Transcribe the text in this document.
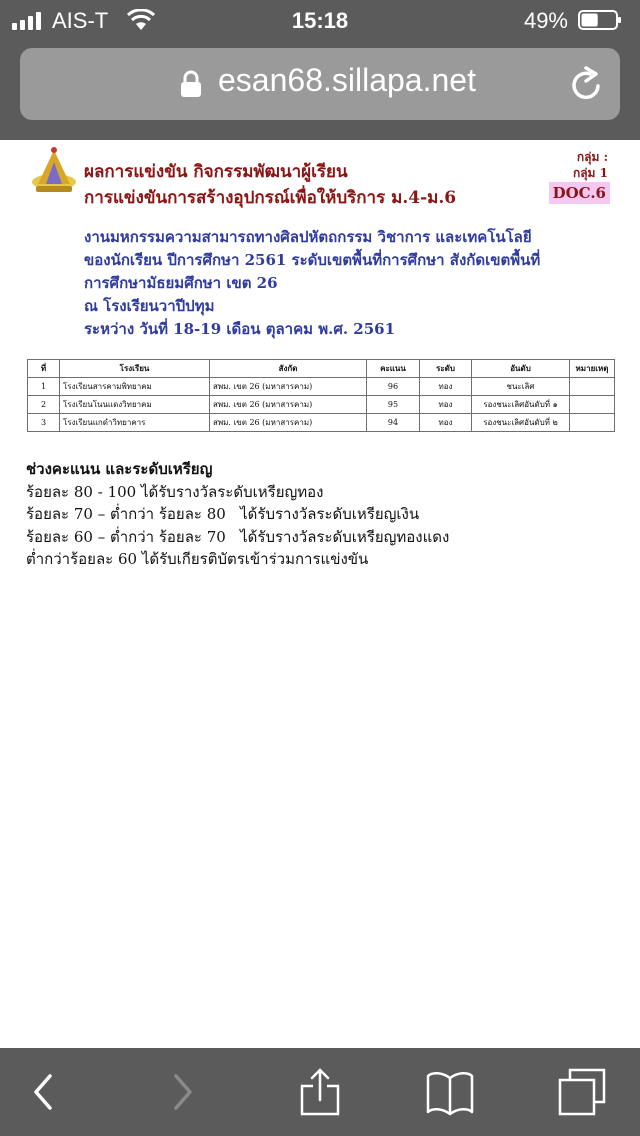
AIS-T	15:18	49%
esan68.sillapa.net
ผลการแข่งขัน กิจกรรมพัฒนาผู้เรียน
การแข่งขันการสร้างอุปกรณ์เพื่อให้บริการ ม.4-ม.6
กลุ่ม :
กลุ่ม 1
DOC.6
งานมหกรรมความสามารถทางศิลปหัตถกรรม วิชาการ และเทคโนโลยี
ของนักเรียน ปีการศึกษา 2561 ระดับเขตพื้นที่การศึกษา สังกัดเขตพื้นที่
การศึกษามัธยมศึกษา เขต 26
ณ โรงเรียนวาปีปทุม
ระหว่าง วันที่ 18-19 เดือน ตุลาคม พ.ศ. 2561
ที่	โรงเรียน	สังกัด	คะแนน	ระดับ	อันดับ	หมายเหตุ
1	โรงเรียนสารคามพิทยาคม	สพม. เขต 26 (มหาสารคาม)	96	ทอง	ชนะเลิศ	
2	โรงเรียนโนนแดงวิทยาคม	สพม. เขต 26 (มหาสารคาม)	95	ทอง	รองชนะเลิศอันดับที่ ๑	
3	โรงเรียนแกดำวิทยาคาร	สพม. เขต 26 (มหาสารคาม)	94	ทอง	รองชนะเลิศอันดับที่ ๒	
ช่วงคะแนน และระดับเหรียญ
ร้อยละ 80 - 100 ได้รับรางวัลระดับเหรียญทอง
ร้อยละ 70 – ต่ำกว่า ร้อยละ 80   ได้รับรางวัลระดับเหรียญเงิน
ร้อยละ 60 – ต่ำกว่า ร้อยละ 70   ได้รับรางวัลระดับเหรียญทองแดง
ต่ำกว่าร้อยละ 60 ได้รับเกียรติบัตรเข้าร่วมการแข่งขัน
